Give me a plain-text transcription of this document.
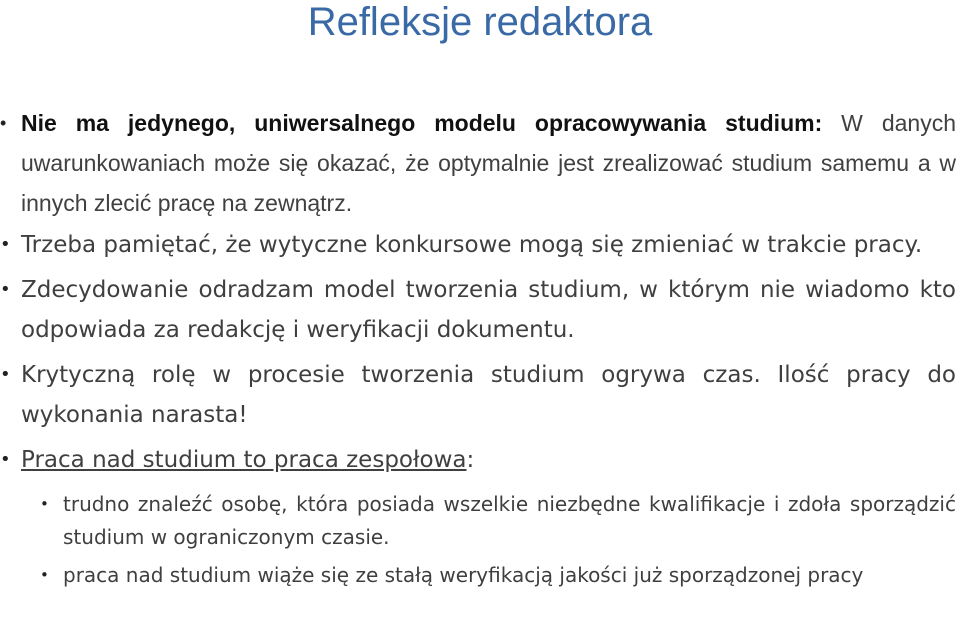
Refleksje redaktora
• Nie ma jedynego, uniwersalnego modelu opracowywania studium: W danych uwarunkowaniach może się okazać, że optymalnie jest zrealizować studium samemu a w innych zlecić pracę na zewnątrz.
• Trzeba pamiętać, że wytyczne konkursowe mogą się zmieniać w trakcie pracy.
• Zdecydowanie odradzam model tworzenia studium, w którym nie wiadomo kto odpowiada za redakcję i weryfikacji dokumentu.
• Krytyczną rolę w procesie tworzenia studium ogrywa czas. Ilość pracy do wykonania narasta!
• Praca nad studium to praca zespołowa:
• trudno znaleźć osobę, która posiada wszelkie niezbędne kwalifikacje i zdoła sporządzić studium w ograniczonym czasie.
• praca nad studium wiąże się ze stałą weryfikacją jakości już sporządzonej pracy
